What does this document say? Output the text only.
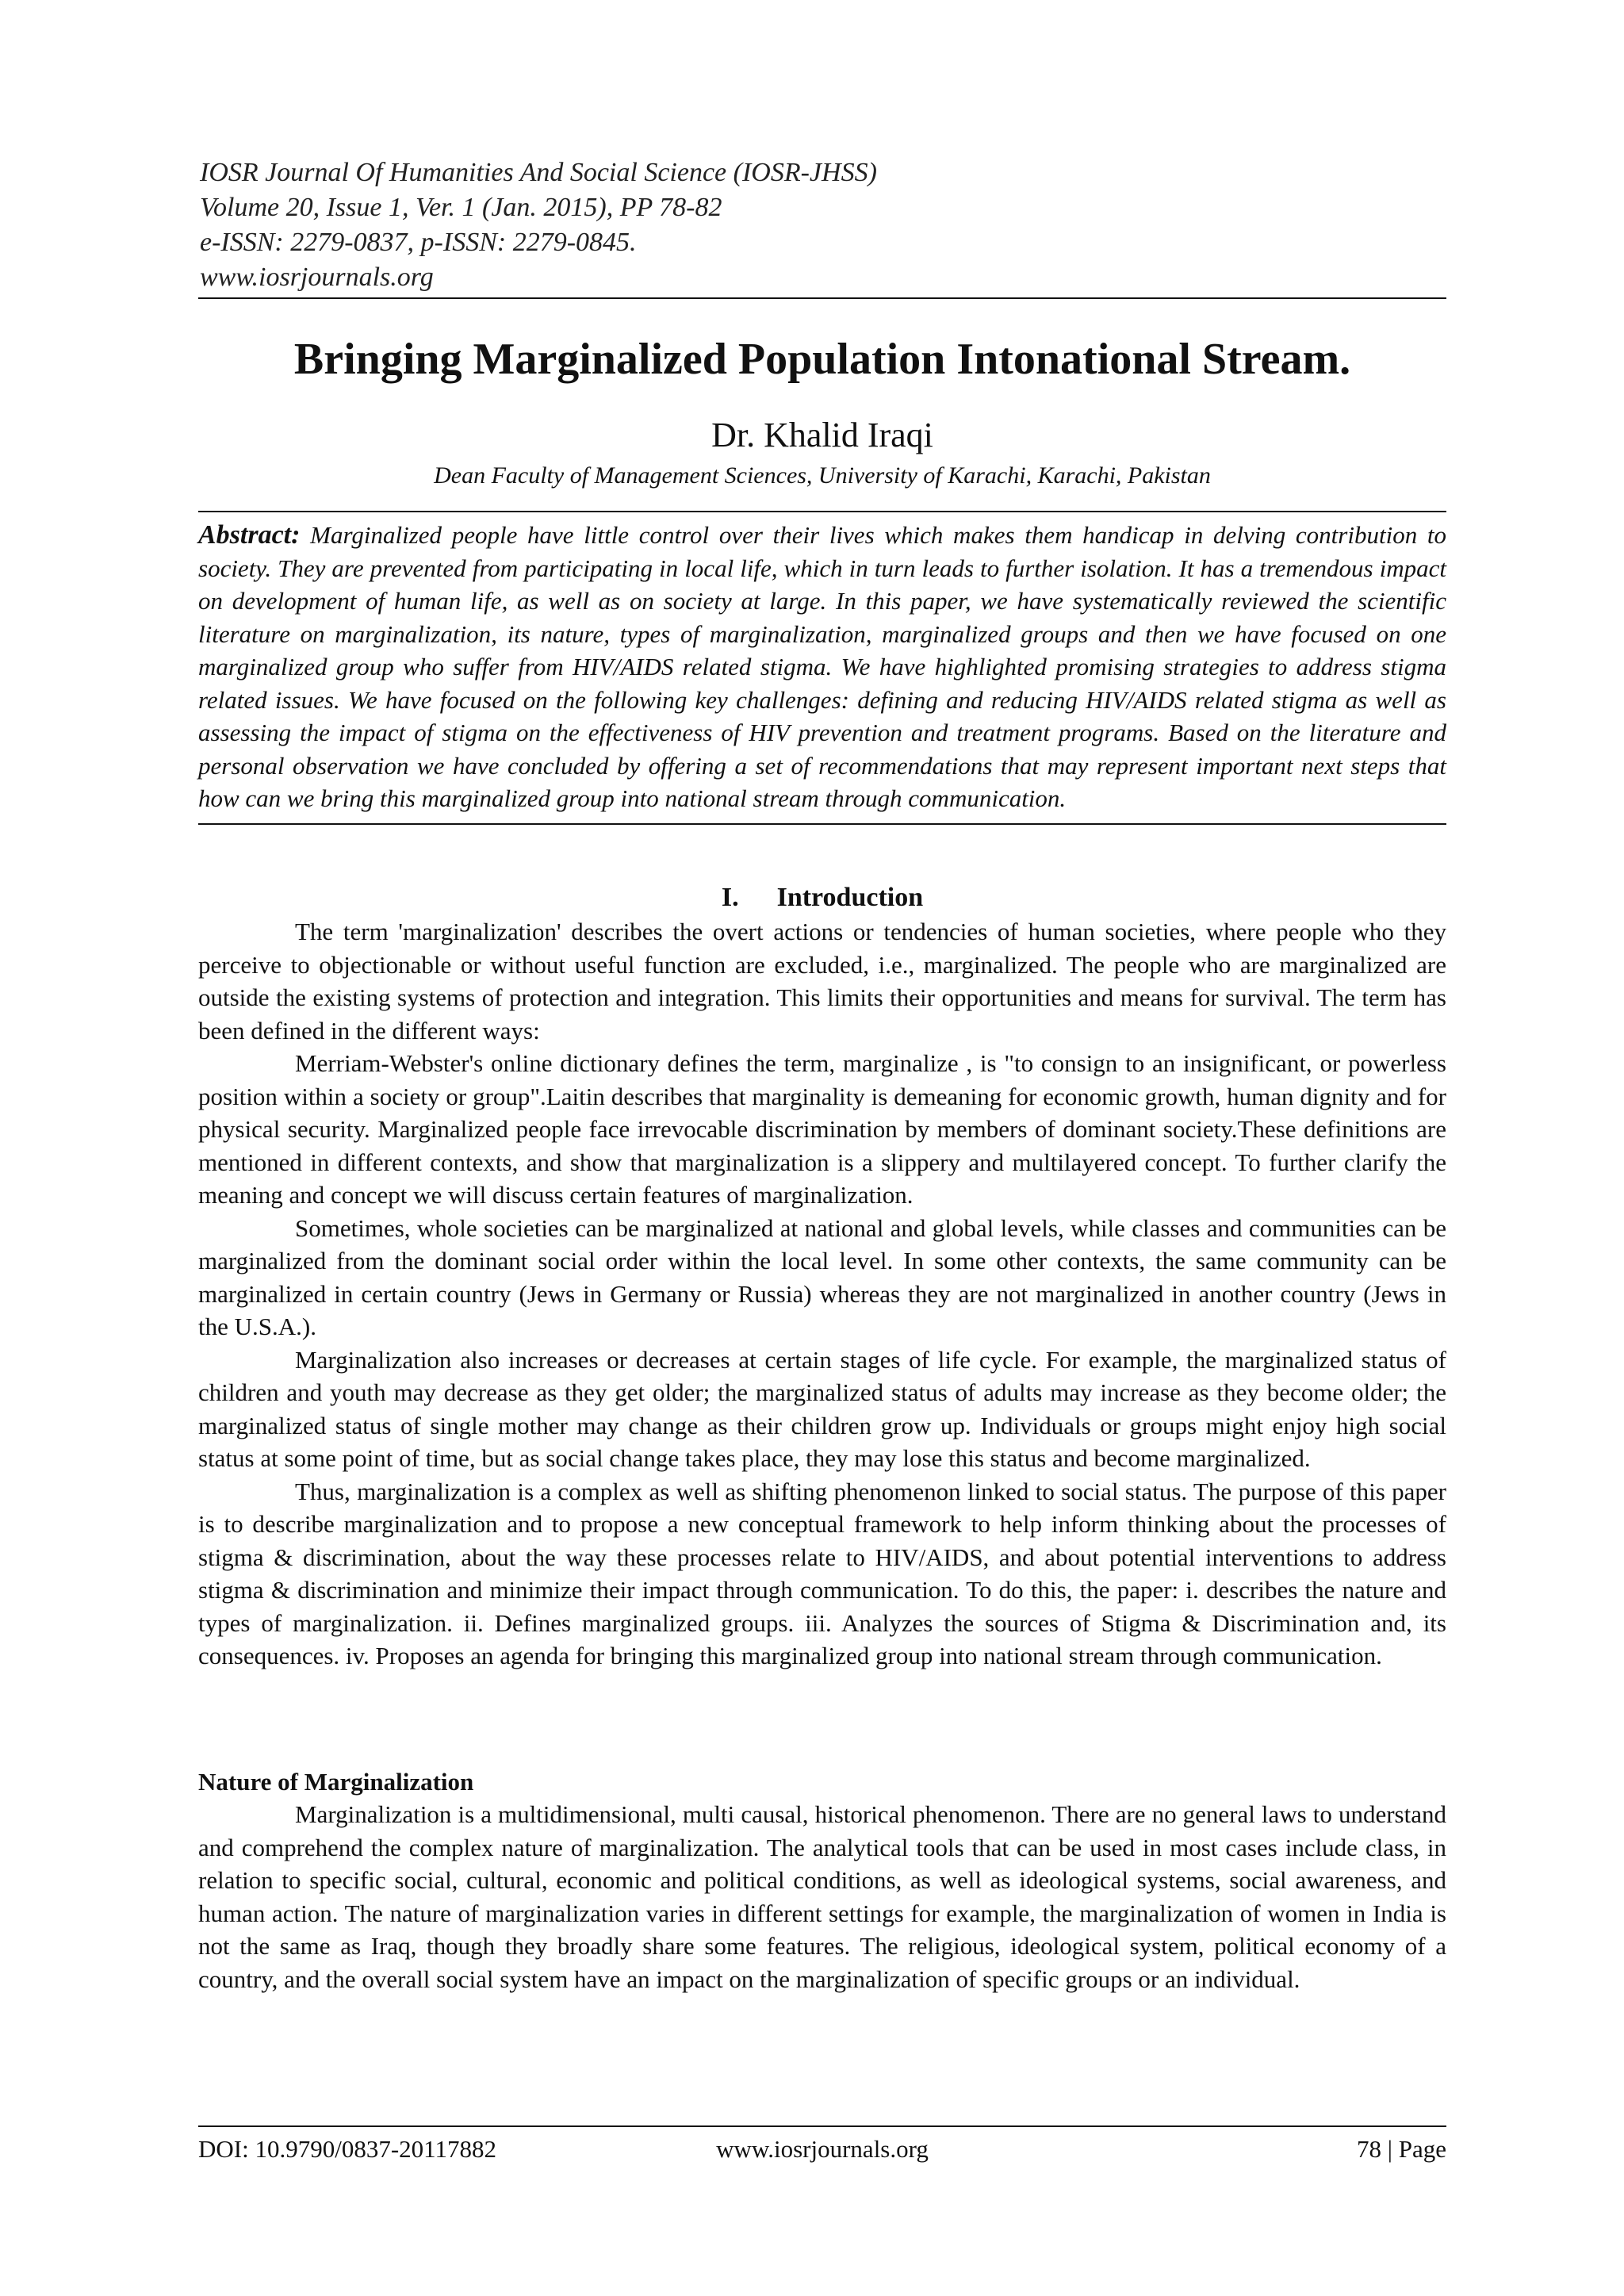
IOSR Journal Of Humanities And Social Science (IOSR-JHSS)
Volume 20, Issue 1, Ver. 1 (Jan. 2015), PP 78-82
e-ISSN: 2279-0837, p-ISSN: 2279-0845.
www.iosrjournals.org
Bringing Marginalized Population Intonational Stream.
Dr. Khalid Iraqi
Dean Faculty of Management Sciences, University of Karachi, Karachi, Pakistan
Abstract: Marginalized people have little control over their lives which makes them handicap in delving contribution to society. They are prevented from participating in local life, which in turn leads to further isolation. It has a tremendous impact on development of human life, as well as on society at large. In this paper, we have systematically reviewed the scientific literature on marginalization, its nature, types of marginalization, marginalized groups and then we have focused on one marginalized group who suffer from HIV/AIDS related stigma. We have highlighted promising strategies to address stigma related issues. We have focused on the following key challenges: defining and reducing HIV/AIDS related stigma as well as assessing the impact of stigma on the effectiveness of HIV prevention and treatment programs. Based on the literature and personal observation we have concluded by offering a set of recommendations that may represent important next steps that how can we bring this marginalized group into national stream through communication.
I. Introduction

The term 'marginalization' describes the overt actions or tendencies of human societies, where people who they perceive to objectionable or without useful function are excluded, i.e., marginalized. The people who are marginalized are outside the existing systems of protection and integration. This limits their opportunities and means for survival. The term has been defined in the different ways:

Merriam-Webster's online dictionary defines the term, marginalize , is "to consign to an insignificant, or powerless position within a society or group".Laitin describes that marginality is demeaning for economic growth, human dignity and for physical security. Marginalized people face irrevocable discrimination by members of dominant society.These definitions are mentioned in different contexts, and show that marginalization is a slippery and multilayered concept. To further clarify the meaning and concept we will discuss certain features of marginalization.

Sometimes, whole societies can be marginalized at national and global levels, while classes and communities can be marginalized from the dominant social order within the local level. In some other contexts, the same community can be marginalized in certain country (Jews in Germany or Russia) whereas they are not marginalized in another country (Jews in the U.S.A.).

Marginalization also increases or decreases at certain stages of life cycle. For example, the marginalized status of children and youth may decrease as they get older; the marginalized status of adults may increase as they become older; the marginalized status of single mother may change as their children grow up. Individuals or groups might enjoy high social status at some point of time, but as social change takes place, they may lose this status and become marginalized.

Thus, marginalization is a complex as well as shifting phenomenon linked to social status. The purpose of this paper is to describe marginalization and to propose a new conceptual framework to help inform thinking about the processes of stigma & discrimination, about the way these processes relate to HIV/AIDS, and about potential interventions to address stigma & discrimination and minimize their impact through communication. To do this, the paper: i. describes the nature and types of marginalization. ii. Defines marginalized groups. iii. Analyzes the sources of Stigma & Discrimination and, its consequences. iv. Proposes an agenda for bringing this marginalized group into national stream through communication.

Nature of Marginalization

Marginalization is a multidimensional, multi causal, historical phenomenon. There are no general laws to understand and comprehend the complex nature of marginalization. The analytical tools that can be used in most cases include class, in relation to specific social, cultural, economic and political conditions, as well as ideological systems, social awareness, and human action. The nature of marginalization varies in different settings for example, the marginalization of women in India is not the same as Iraq, though they broadly share some features. The religious, ideological system, political economy of a country, and the overall social system have an impact on the marginalization of specific groups or an individual.

DOI: 10.9790/0837-20117882	www.iosrjournals.org	78 | Page
